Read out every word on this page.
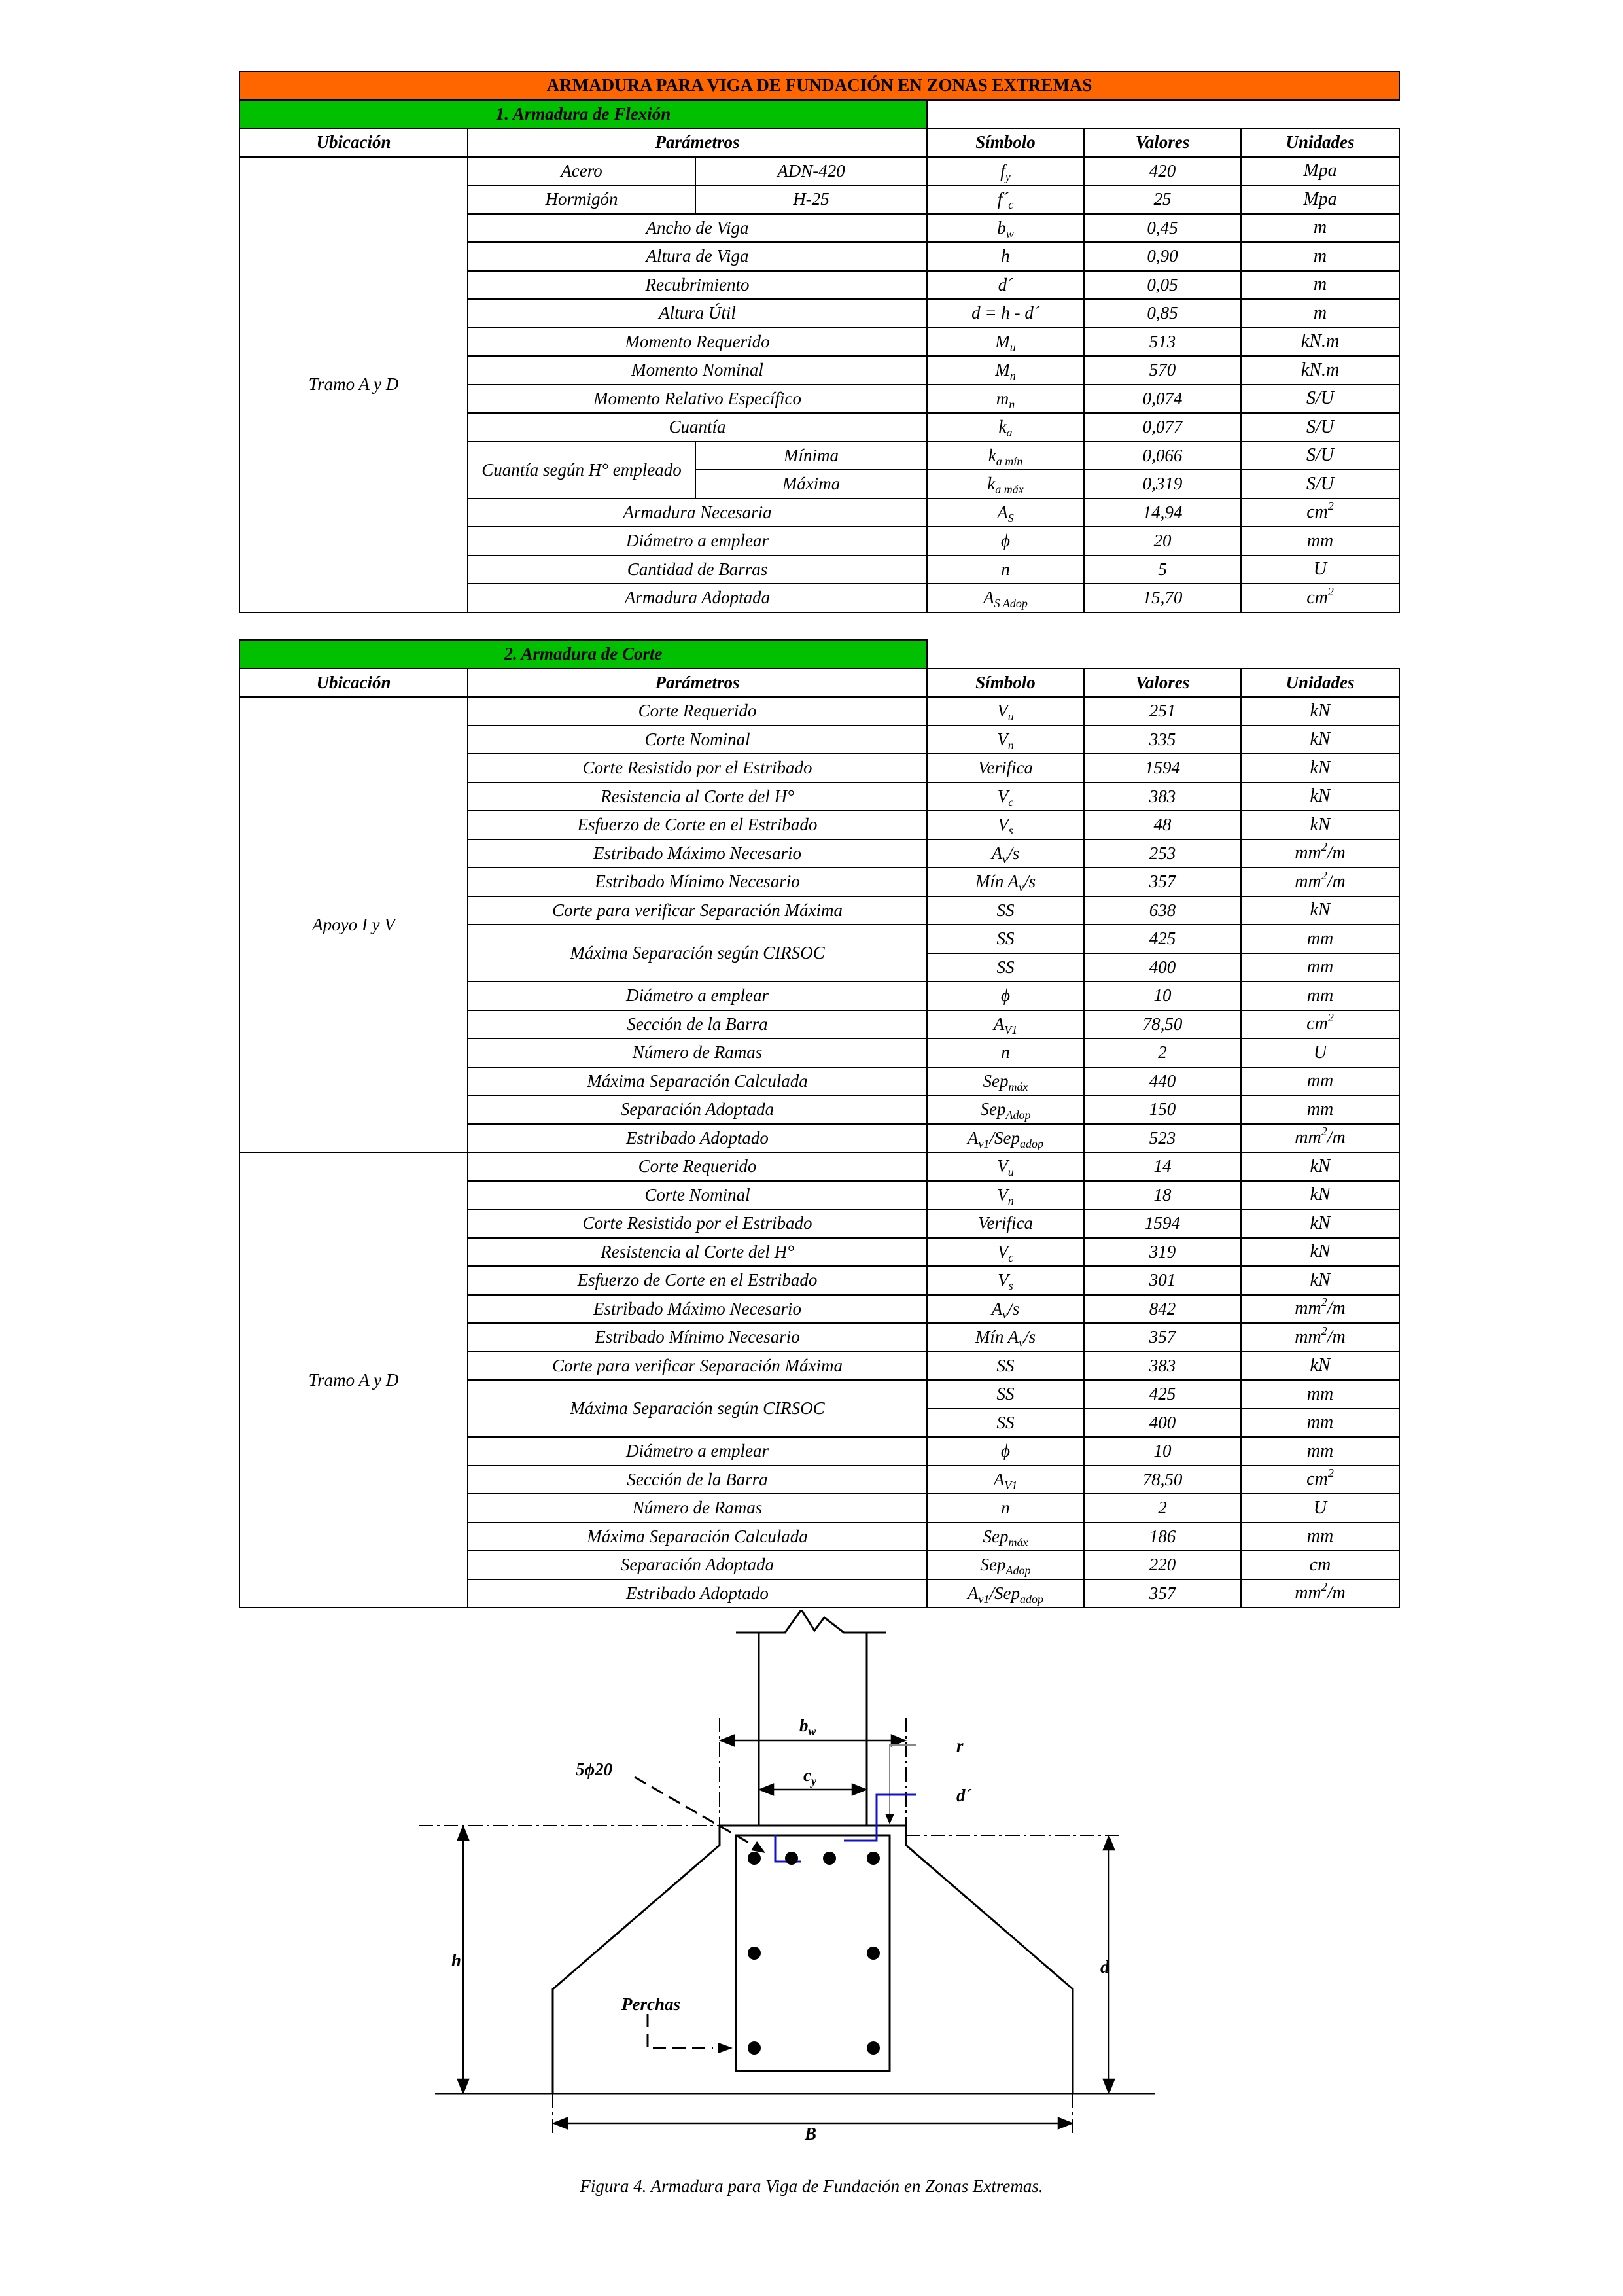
ARMADURA PARA VIGA DE FUNDACIÓN EN ZONAS EXTREMAS					
1. Armadura de Flexión					
Ubicación	Parámetros		Símbolo	Valores	Unidades
Tramo A y D	Acero	ADN-420	$f_y$	420	Mpa
	Hormigón	H-25	$f´_c$	25	Mpa
	Ancho de Viga		$b_w$	0,45	m
	Altura de Viga		h	0,90	m
	Recubrimiento		d´	0,05	m
	Altura Útil		d = h - d´	0,85	m
	Momento Requerido		$M_u$	513	kN.m
	Momento Nominal		$M_n$	570	kN.m
	Momento Relativo Específico		$m_n$	0,074	S/U
	Cuantía		$k_a$	0,077	S/U
	Cuantía según H° empleado	Mínima	$k_{a mín}$	0,066	S/U
		Máxima	$k_{a máx}$	0,319	S/U
	Armadura Necesaria		$A_S$	14,94	$cm^2$
	Diámetro a emplear		ϕ	20	mm
	Cantidad de Barras		n	5	U
	Armadura Adoptada		$A_{S Adop}$	15,70	$cm^2$
2. Armadura de Corte				
Ubicación	Parámetros	Símbolo	Valores	Unidades
Apoyo I y V	Corte Requerido	$V_u$	251	kN
	Corte Nominal	$V_n$	335	kN
	Corte Resistido por el Estribado	Verifica	1594	kN
	Resistencia al Corte del H°	$V_c$	383	kN
	Esfuerzo de Corte en el Estribado	$V_s$	48	kN
	Estribado Máximo Necesario	$A_v/s$	253	$mm^2/m$
	Estribado Mínimo Necesario	Mín $A_v/s$	357	$mm^2/m$
	Corte para verificar Separación Máxima	SS	638	kN
	Máxima Separación según CIRSOC	SS	425	mm
		SS	400	mm
	Diámetro a emplear	ϕ	10	mm
	Sección de la Barra	$A_{V1}$	78,50	$cm^2$
	Número de Ramas	n	2	U
	Máxima Separación Calculada	Sep$_{máx}$	440	mm
	Separación Adoptada	Sep$_{Adop}$	150	mm
	Estribado Adoptado	$A_{v1}/Sep_{adop}$	523	$mm^2/m$
Tramo A y D	Corte Requerido	$V_u$	14	kN
	Corte Nominal	$V_n$	18	kN
	Corte Resistido por el Estribado	Verifica	1594	kN
	Resistencia al Corte del H°	$V_c$	319	kN
	Esfuerzo de Corte en el Estribado	$V_s$	301	kN
	Estribado Máximo Necesario	$A_v/s$	842	$mm^2/m$
	Estribado Mínimo Necesario	Mín $A_v/s$	357	$mm^2/m$
	Corte para verificar Separación Máxima	SS	383	kN
	Máxima Separación según CIRSOC	SS	425	mm
		SS	400	mm
	Diámetro a emplear	ϕ	10	mm
	Sección de la Barra	$A_{V1}$	78,50	$cm^2$
	Número de Ramas	n	2	U
	Máxima Separación Calculada	Sep$_{máx}$	186	mm
	Separación Adoptada	Sep$_{Adop}$	220	cm
	Estribado Adoptado	$A_{v1}/Sep_{adop}$	357	$mm^2/m$
$b_w$
$c_y$
5ϕ20
r
d´
h	d
Perchas
B
Figura 4. Armadura para Viga de Fundación en Zonas Extremas.
